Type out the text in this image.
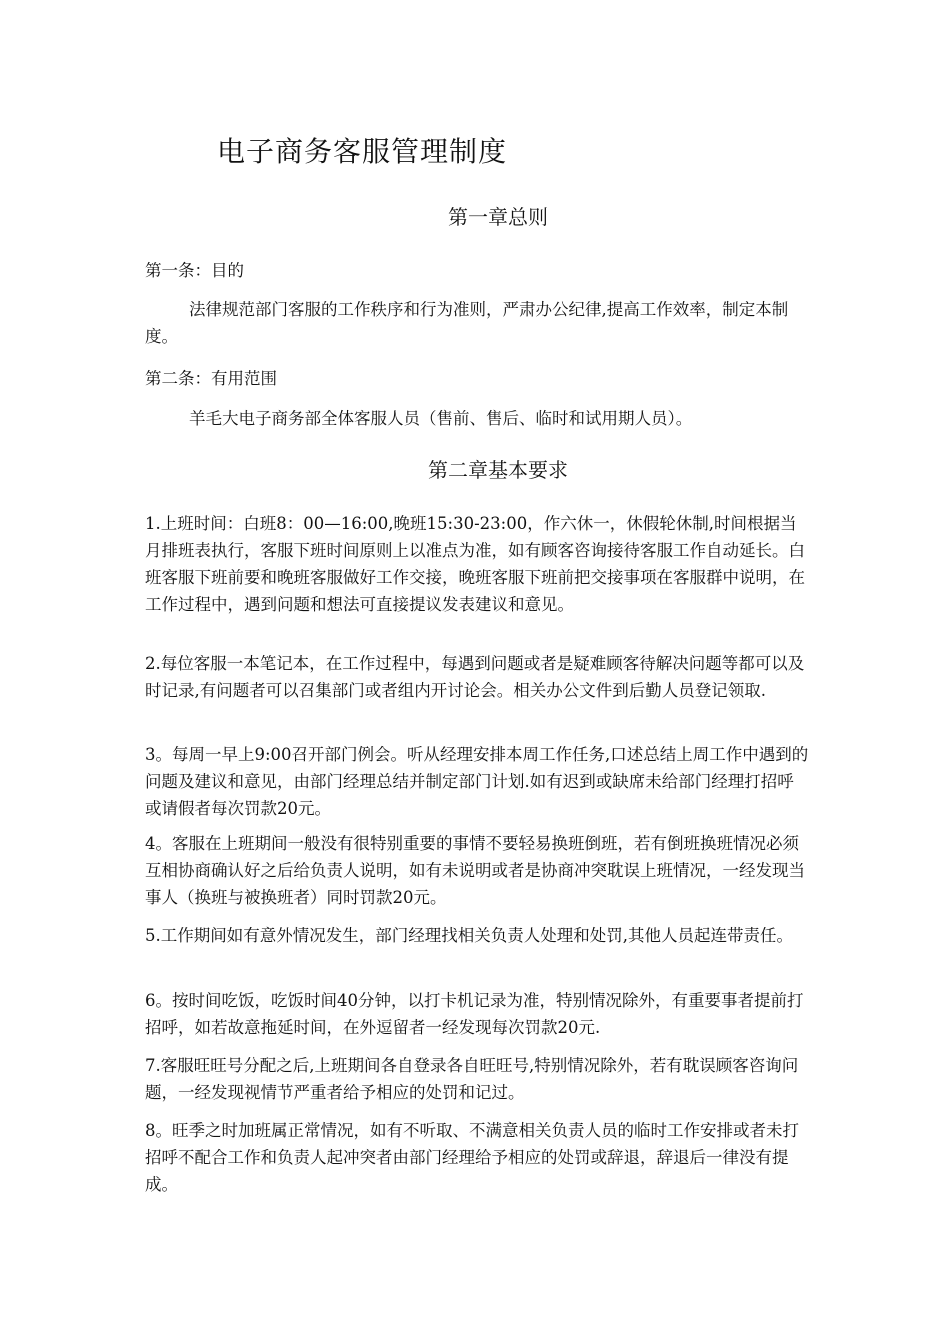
电子商务客服管理制度
第一章总则

第一条：目的

法律规范部门客服的工作秩序和行为准则，严肃办公纪律,提高工作效率，制定本制度。

第二条：有用范围

羊毛大电子商务部全体客服人员（售前、售后、临时和试用期人员）。

第二章基本要求

1.上班时间：白班8：00—16:00,晚班15:30-23:00，作六休一，休假轮休制,时间根据当月排班表执行，客服下班时间原则上以准点为准，如有顾客咨询接待客服工作自动延长。白班客服下班前要和晚班客服做好工作交接，晚班客服下班前把交接事项在客服群中说明，在工作过程中，遇到问题和想法可直接提议发表建议和意见。

2.每位客服一本笔记本，在工作过程中，每遇到问题或者是疑难顾客待解决问题等都可以及时记录,有问题者可以召集部门或者组内开讨论会。相关办公文件到后勤人员登记领取.

3。每周一早上9:00召开部门例会。听从经理安排本周工作任务,口述总结上周工作中遇到的问题及建议和意见，由部门经理总结并制定部门计划.如有迟到或缺席未给部门经理打招呼或请假者每次罚款20元。

4。客服在上班期间一般没有很特别重要的事情不要轻易换班倒班，若有倒班换班情况必须互相协商确认好之后给负责人说明，如有未说明或者是协商冲突耽误上班情况，一经发现当事人（换班与被换班者）同时罚款20元。

5.工作期间如有意外情况发生，部门经理找相关负责人处理和处罚,其他人员起连带责任。

6。按时间吃饭，吃饭时间40分钟，以打卡机记录为准，特别情况除外，有重要事者提前打招呼，如若故意拖延时间，在外逗留者一经发现每次罚款20元.

7.客服旺旺号分配之后,上班期间各自登录各自旺旺号,特别情况除外，若有耽误顾客咨询问题，一经发现视情节严重者给予相应的处罚和记过。

8。旺季之时加班属正常情况，如有不听取、不满意相关负责人员的临时工作安排或者未打招呼不配合工作和负责人起冲突者由部门经理给予相应的处罚或辞退，辞退后一律没有提成。
